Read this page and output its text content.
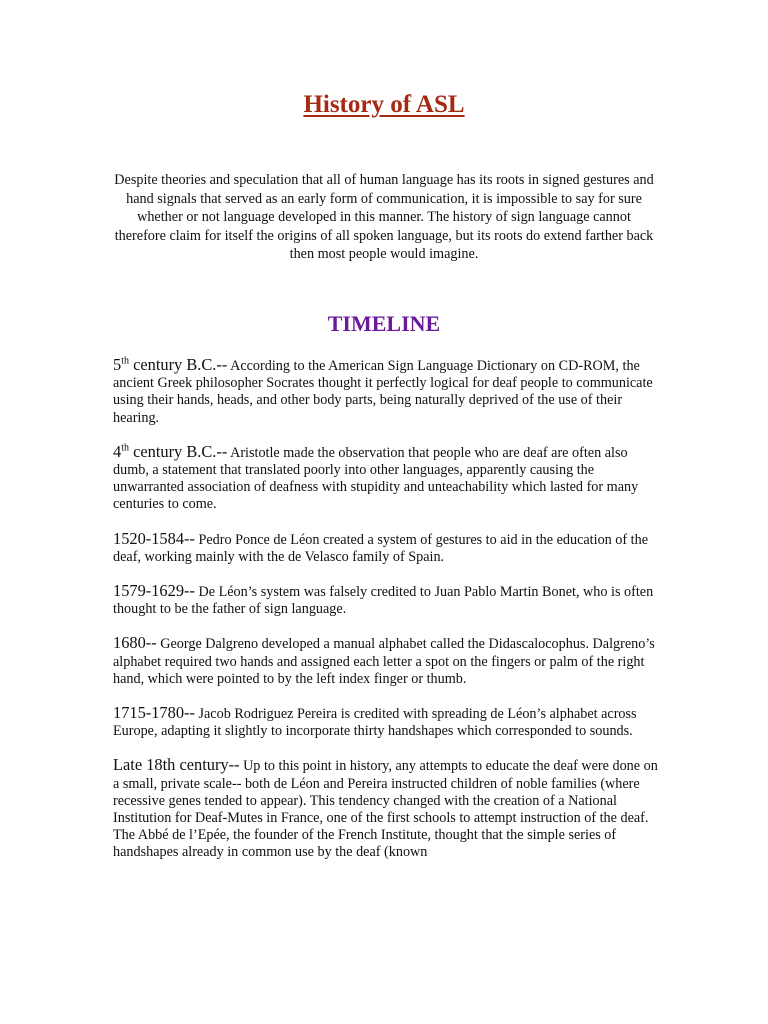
History of ASL

Despite theories and speculation that all of human language has its roots in signed gestures and hand signals that served as an early form of communication, it is impossible to say for sure whether or not language developed in this manner. The history of sign language cannot therefore claim for itself the origins of all spoken language, but its roots do extend farther back then most people would imagine.

TIMELINE
5th century B.C.-- According to the American Sign Language Dictionary on CD-ROM, the ancient Greek philosopher Socrates thought it perfectly logical for deaf people to communicate using their hands, heads, and other body parts, being naturally deprived of the use of their hearing.
4th century B.C.-- Aristotle made the observation that people who are deaf are often also dumb, a statement that translated poorly into other languages, apparently causing the unwarranted association of deafness with stupidity and unteachability which lasted for many centuries to come.
1520-1584-- Pedro Ponce de Léon created a system of gestures to aid in the education of the deaf, working mainly with the de Velasco family of Spain.
1579-1629-- De Léon’s system was falsely credited to Juan Pablo Martin Bonet, who is often thought to be the father of sign language.
1680-- George Dalgreno developed a manual alphabet called the Didascalocophus. Dalgreno’s alphabet required two hands and assigned each letter a spot on the fingers or palm of the right hand, which were pointed to by the left index finger or thumb.
1715-1780-- Jacob Rodriguez Pereira is credited with spreading de Léon’s alphabet across Europe, adapting it slightly to incorporate thirty handshapes which corresponded to sounds.
Late 18th century-- Up to this point in history, any attempts to educate the deaf were done on a small, private scale-- both de Léon and Pereira instructed children of noble families (where recessive genes tended to appear). This tendency changed with the creation of a National Institution for Deaf-Mutes in France, one of the first schools to attempt instruction of the deaf. The Abbé de l’Epée, the founder of the French Institute, thought that the simple series of handshapes already in common use by the deaf (known
